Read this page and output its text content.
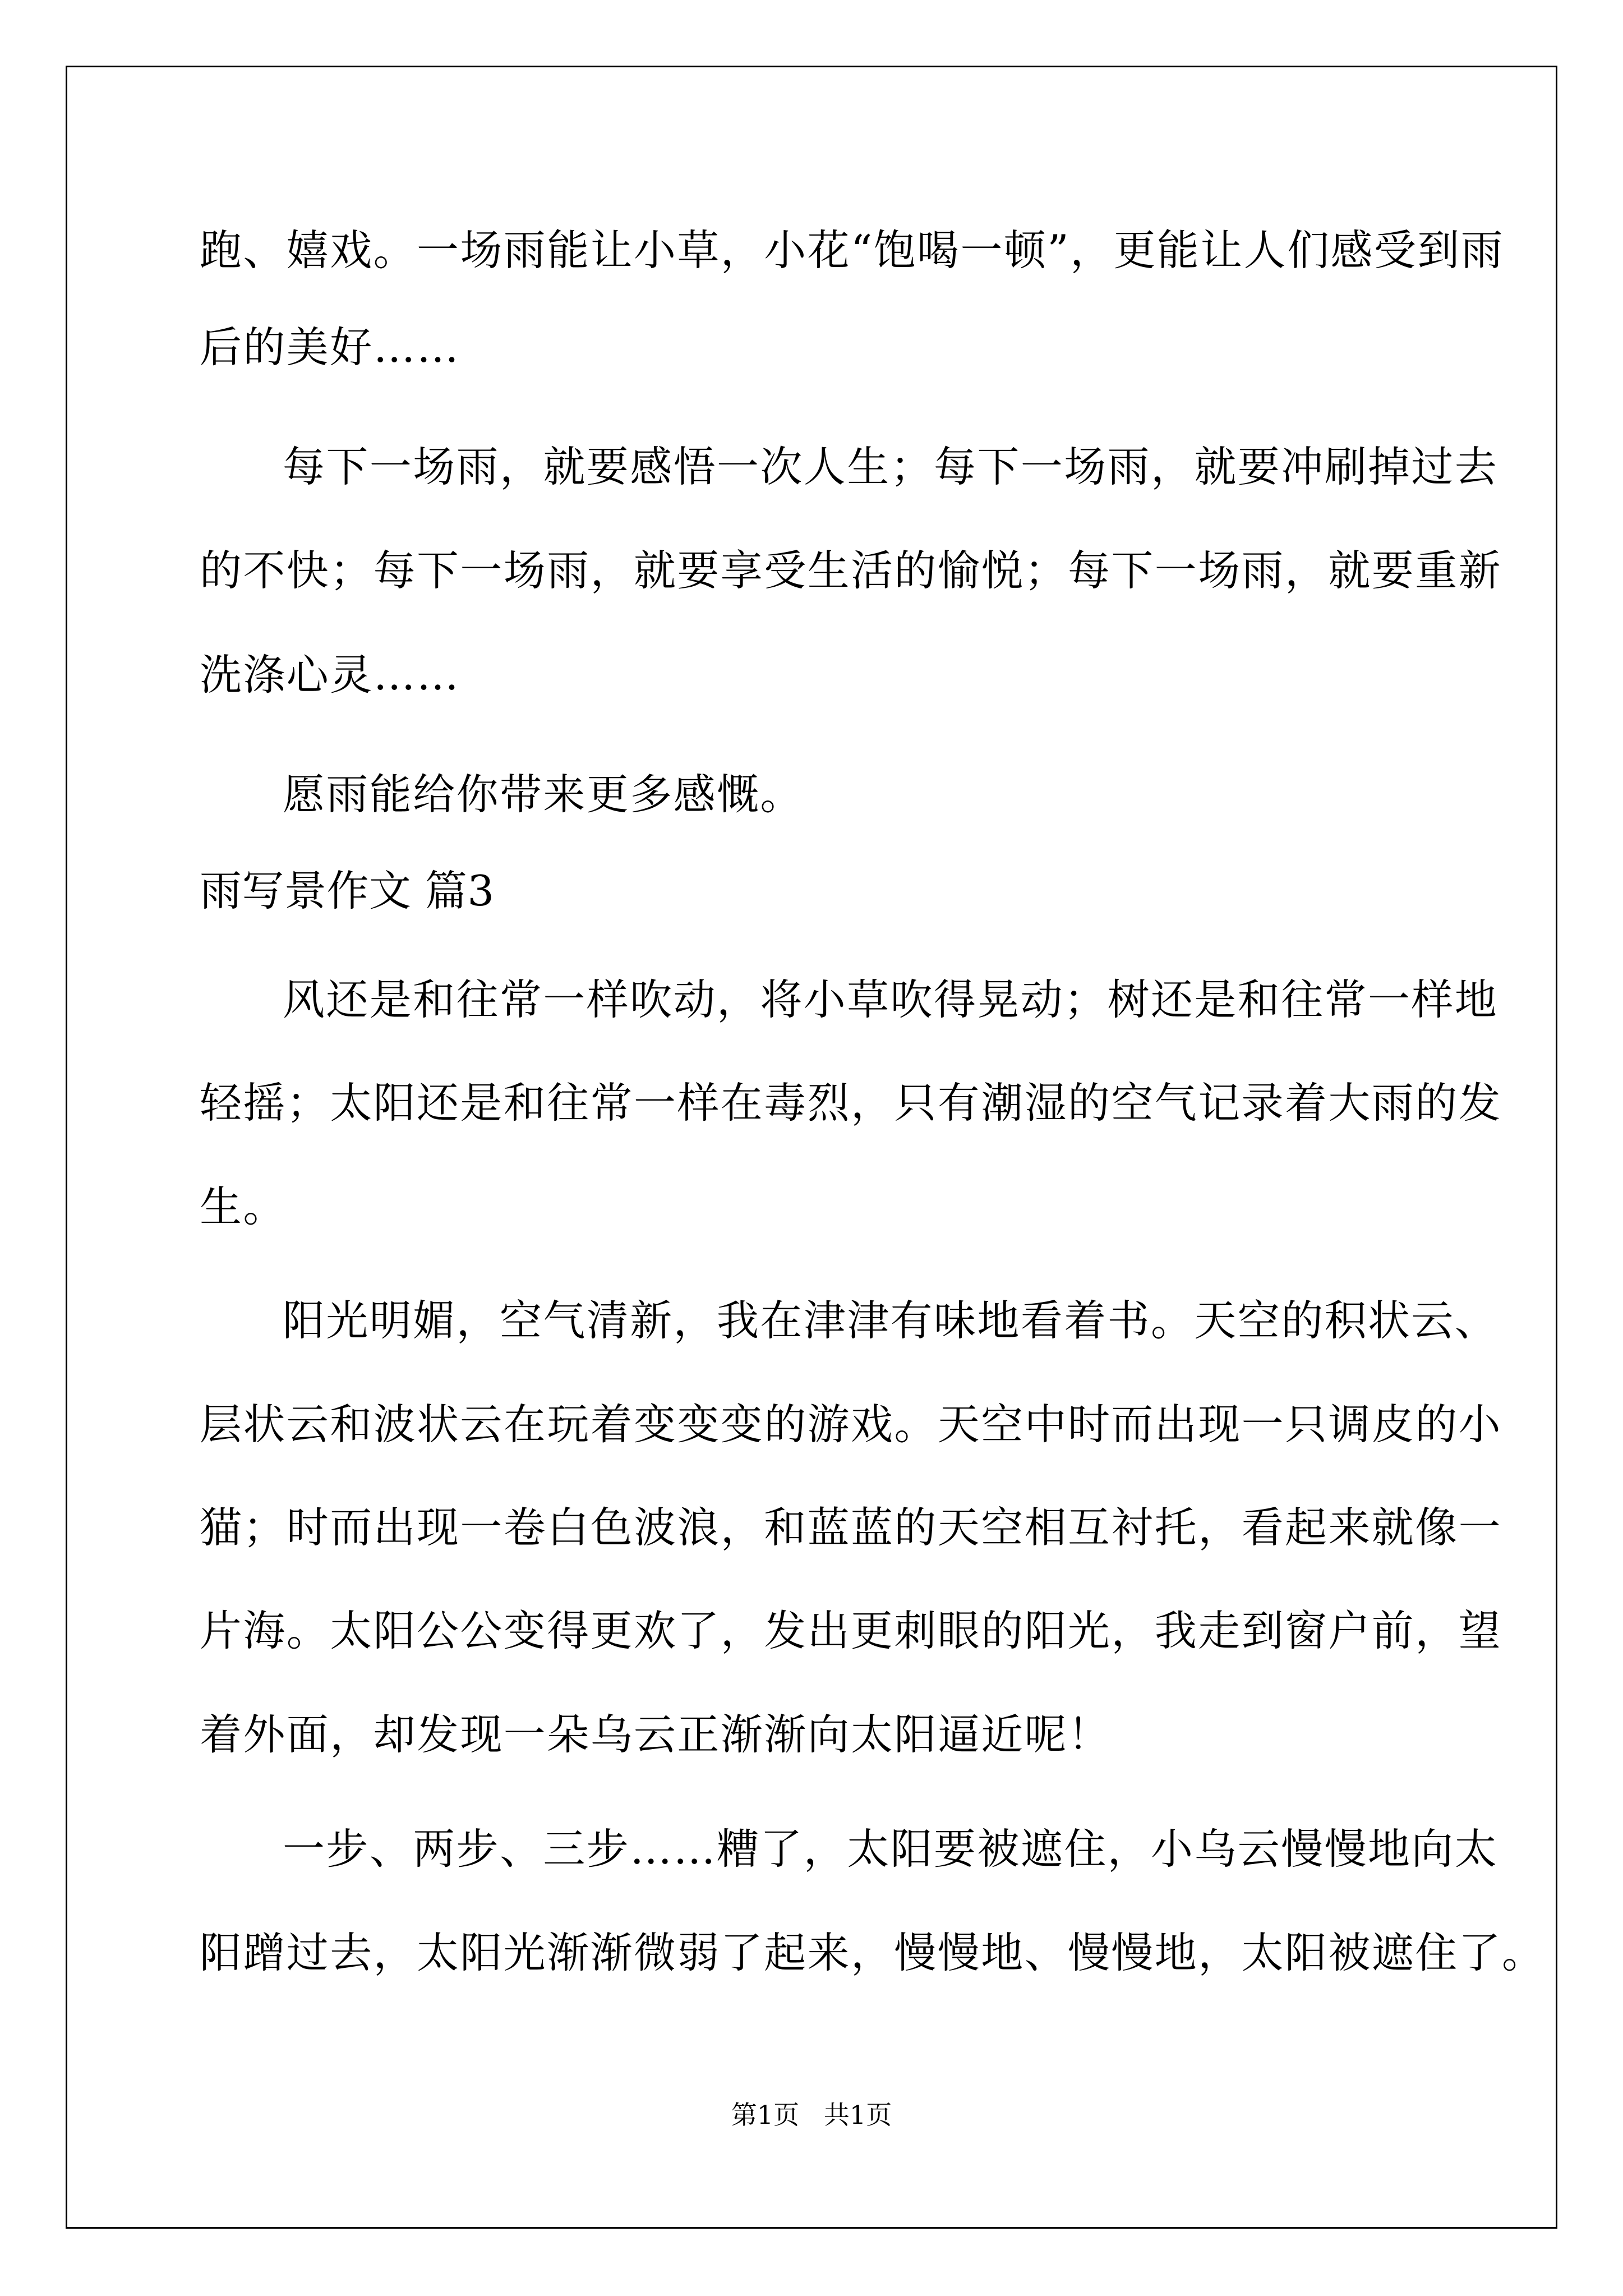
跑、嬉戏。一场雨能让小草，小花“饱喝一顿”，更能让人们感受到雨
后的美好……
每下一场雨，就要感悟一次人生；每下一场雨，就要冲刷掉过去
的不快；每下一场雨，就要享受生活的愉悦；每下一场雨，就要重新
洗涤心灵……
愿雨能给你带来更多感慨。
雨写景作文 篇3
风还是和往常一样吹动，将小草吹得晃动；树还是和往常一样地
轻摇；太阳还是和往常一样在毒烈，只有潮湿的空气记录着大雨的发
生。
阳光明媚，空气清新，我在津津有味地看着书。天空的积状云、
层状云和波状云在玩着变变变的游戏。天空中时而出现一只调皮的小
猫；时而出现一卷白色波浪，和蓝蓝的天空相互衬托，看起来就像一
片海。太阳公公变得更欢了，发出更刺眼的阳光，我走到窗户前，望
着外面，却发现一朵乌云正渐渐向太阳逼近呢！
一步、两步、三步……糟了，太阳要被遮住，小乌云慢慢地向太
阳蹭过去，太阳光渐渐微弱了起来，慢慢地、慢慢地，太阳被遮住了。
第1页   共1页
